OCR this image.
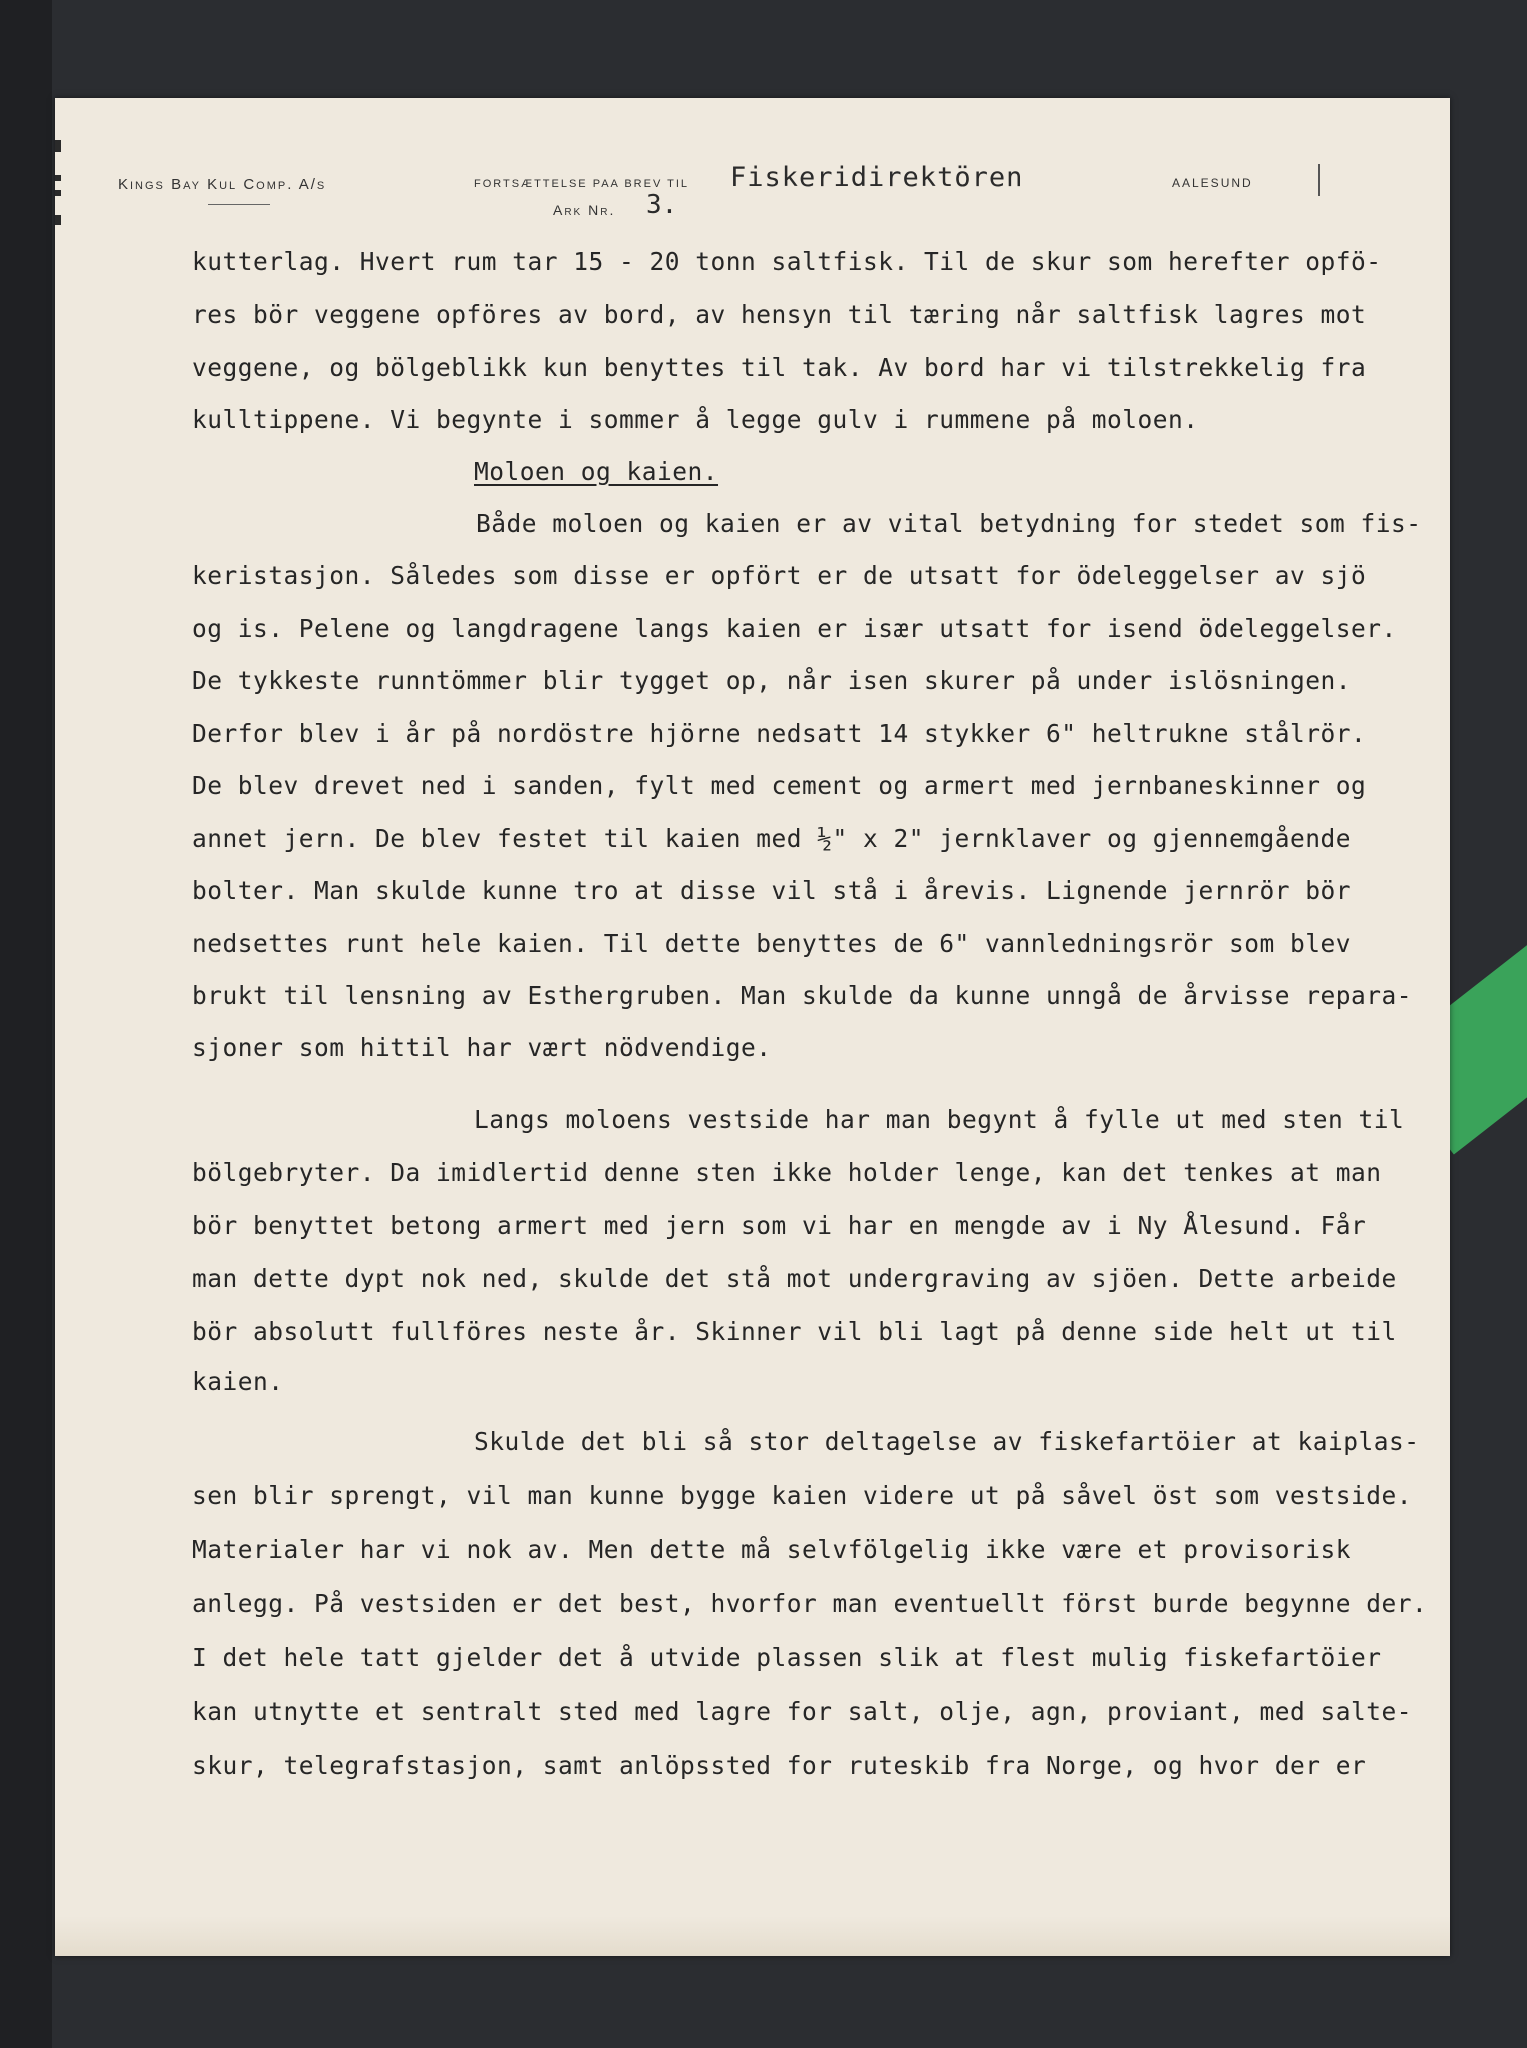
Kings Bay Kul Comp. A/s	FORTSÆTTELSE PAA BREV TIL Fiskeridirektören	AALESUND
Ark Nr. 3.
kutterlag. Hvert rum tar 15 - 20 tonn saltfisk. Til de skur som herefter opfö-
res bör veggene opföres av bord, av hensyn til tæring når saltfisk lagres mot
veggene, og bölgeblikk kun benyttes til tak. Av bord har vi tilstrekkelig fra
kulltippene. Vi begynte i sommer å legge gulv i rummene på moloen.
Moloen og kaien.
Både moloen og kaien er av vital betydning for stedet som fis-
keristasjon. Således som disse er opfört er de utsatt for ödeleggelser av sjö
og is. Pelene og langdragene langs kaien er især utsatt for isend ödeleggelser.
De tykkeste runntömmer blir tygget op, når isen skurer på under islösningen.
Derfor blev i år på nordöstre hjörne nedsatt 14 stykker 6" heltrukne stålrör.
De blev drevet ned i sanden, fylt med cement og armert med jernbaneskinner og
annet jern. De blev festet til kaien med ½" x 2" jernklaver og gjennemgående
bolter. Man skulde kunne tro at disse vil stå i årevis. Lignende jernrör bör
nedsettes runt hele kaien. Til dette benyttes de 6" vannledningsrör som blev
brukt til lensning av Esthergruben. Man skulde da kunne unngå de årvisse repara-
sjoner som hittil har vært nödvendige.
Langs moloens vestside har man begynt å fylle ut med sten til
bölgebryter. Da imidlertid denne sten ikke holder lenge, kan det tenkes at man
bör benyttet betong armert med jern som vi har en mengde av i Ny Ålesund. Får
man dette dypt nok ned, skulde det stå mot undergraving av sjöen. Dette arbeide
bör absolutt fullföres neste år. Skinner vil bli lagt på denne side helt ut til
kaien.
Skulde det bli så stor deltagelse av fiskefartöier at kaiplas-
sen blir sprengt, vil man kunne bygge kaien videre ut på såvel öst som vestside.
Materialer har vi nok av. Men dette må selvfölgelig ikke være et provisorisk
anlegg. På vestsiden er det best, hvorfor man eventuellt först burde begynne der.
I det hele tatt gjelder det å utvide plassen slik at flest mulig fiskefartöier
kan utnytte et sentralt sted med lagre for salt, olje, agn, proviant, med salte-
skur, telegrafstasjon, samt anlöpssted for ruteskib fra Norge, og hvor der er
